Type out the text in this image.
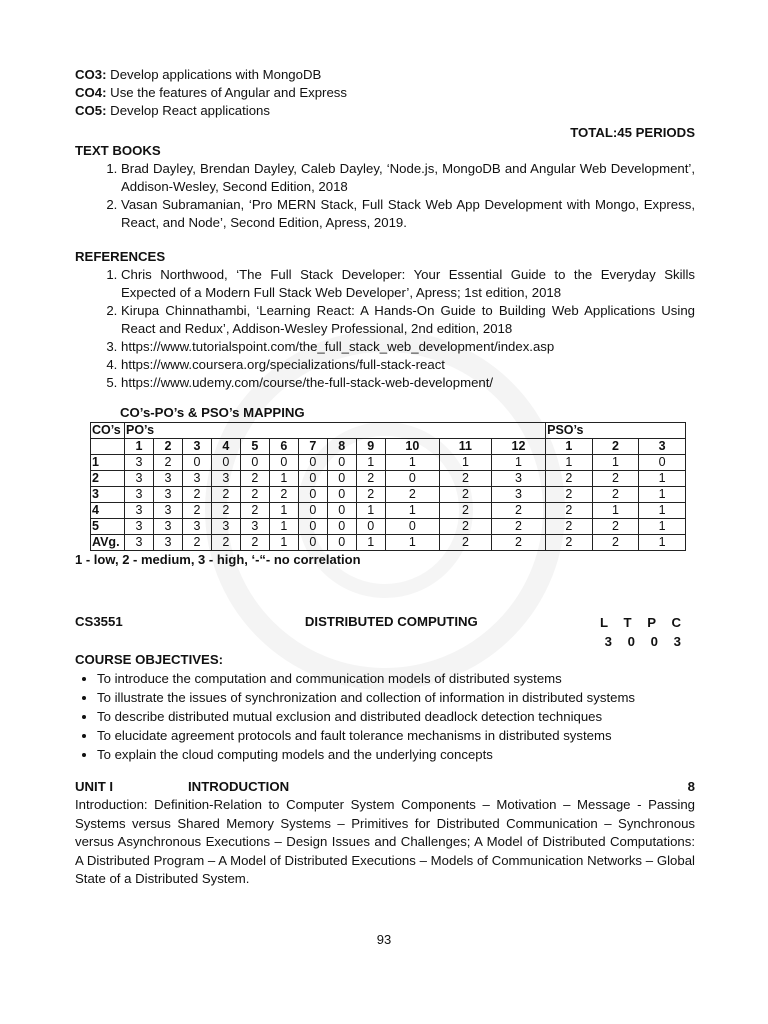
CO3: Develop applications with MongoDB

CO4: Use the features of Angular and Express

CO5: Develop React applications

TOTAL:45 PERIODS

TEXT BOOKS

1. Brad Dayley, Brendan Dayley, Caleb Dayley, ‘Node.js, MongoDB and Angular Web Development’, Addison-Wesley, Second Edition, 2018
2. Vasan Subramanian, ‘Pro MERN Stack, Full Stack Web App Development with Mongo, Express, React, and Node’, Second Edition, Apress, 2019.

REFERENCES

1. Chris Northwood, ‘The Full Stack Developer: Your Essential Guide to the Everyday Skills Expected of a Modern Full Stack Web Developer’, Apress; 1st edition, 2018
2. Kirupa Chinnathambi, ‘Learning React: A Hands-On Guide to Building Web Applications Using React and Redux’, Addison-Wesley Professional, 2nd edition, 2018
3. https://www.tutorialspoint.com/the_full_stack_web_development/index.asp
4. https://www.coursera.org/specializations/full-stack-react
5. https://www.udemy.com/course/the-full-stack-web-development/

CO’s-PO’s & PSO’s MAPPING

CO’s	PO’s												PSO’s		
	1	2	3	4	5	6	7	8	9	10	11	12	1	2	3
1	3	2	0	0	0	0	0	0	1	1	1	1	1	1	0
2	3	3	3	3	2	1	0	0	2	0	2	3	2	2	1
3	3	3	2	2	2	2	0	0	2	2	2	3	2	2	1
4	3	3	2	2	2	1	0	0	1	1	2	2	2	1	1
5	3	3	3	3	3	1	0	0	0	0	2	2	2	2	1
AVg.	3	3	2	2	2	1	0	0	1	1	2	2	2	2	1

1 - low, 2 - medium, 3 - high, ‘-“- no correlation

CS3551	DISTRIBUTED COMPUTING	L T P C
3 0 0 3

COURSE OBJECTIVES:

• To introduce the computation and communication models of distributed systems
• To illustrate the issues of synchronization and collection of information in distributed systems
• To describe distributed mutual exclusion and distributed deadlock detection techniques
• To elucidate agreement protocols and fault tolerance mechanisms in distributed systems
• To explain the cloud computing models and the underlying concepts
UNIT I	INTRODUCTION	8

Introduction: Definition-Relation to Computer System Components – Motivation – Message - Passing Systems versus Shared Memory Systems – Primitives for Distributed Communication – Synchronous versus Asynchronous Executions – Design Issues and Challenges; A Model of Distributed Computations: A Distributed Program – A Model of Distributed Executions – Models of Communication Networks – Global State of a Distributed System.

93
